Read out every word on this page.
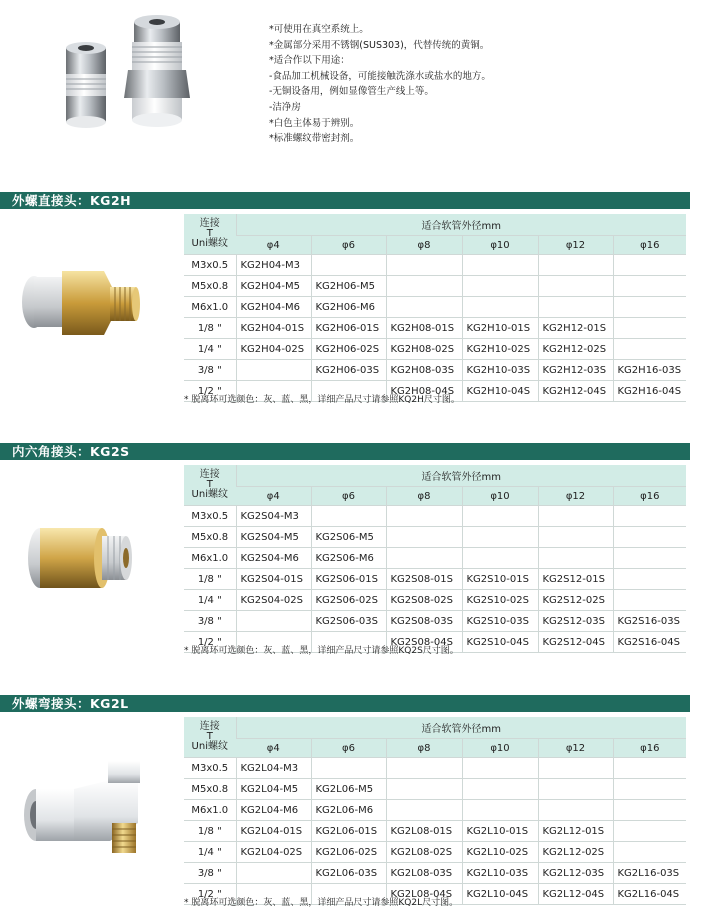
*可使用在真空系统上。
*金属部分采用不锈钢(SUS303)，代替传统的黄铜。
*适合作以下用途：
-食品加工机械设备，可能接触洗涤水或盐水的地方。
-无铜设备用，例如显像管生产线上等。
-洁净房
*白色主体易于辨别。
*标准螺纹带密封剂。
外螺直接头：KG2H
连接
T
Uni螺纹	适合软管外径mm					
	φ4	φ6	φ8	φ10	φ12	φ16
M3x0.5	KG2H04-M3					
M5x0.8	KG2H04-M5	KG2H06-M5				
M6x1.0	KG2H04-M6	KG2H06-M6				
1/8 "	KG2H04-01S	KG2H06-01S	KG2H08-01S	KG2H10-01S	KG2H12-01S	
1/4 "	KG2H04-02S	KG2H06-02S	KG2H08-02S	KG2H10-02S	KG2H12-02S	
3/8 "		KG2H06-03S	KG2H08-03S	KG2H10-03S	KG2H12-03S	KG2H16-03S
1/2 "			KG2H08-04S	KG2H10-04S	KG2H12-04S	KG2H16-04S
* 脱离环可选颜色：灰、蓝、黑，详细产品尺寸请参照KQ2H尺寸图。
内六角接头：KG2S
连接
T
Uni螺纹	适合软管外径mm					
	φ4	φ6	φ8	φ10	φ12	φ16
M3x0.5	KG2S04-M3					
M5x0.8	KG2S04-M5	KG2S06-M5				
M6x1.0	KG2S04-M6	KG2S06-M6				
1/8 "	KG2S04-01S	KG2S06-01S	KG2S08-01S	KG2S10-01S	KG2S12-01S	
1/4 "	KG2S04-02S	KG2S06-02S	KG2S08-02S	KG2S10-02S	KG2S12-02S	
3/8 "		KG2S06-03S	KG2S08-03S	KG2S10-03S	KG2S12-03S	KG2S16-03S
1/2 "			KG2S08-04S	KG2S10-04S	KG2S12-04S	KG2S16-04S
* 脱离环可选颜色：灰、蓝、黑，详细产品尺寸请参照KQ2S尺寸图。
外螺弯接头：KG2L
连接
T
Uni螺纹	适合软管外径mm					
	φ4	φ6	φ8	φ10	φ12	φ16
M3x0.5	KG2L04-M3					
M5x0.8	KG2L04-M5	KG2L06-M5				
M6x1.0	KG2L04-M6	KG2L06-M6				
1/8 "	KG2L04-01S	KG2L06-01S	KG2L08-01S	KG2L10-01S	KG2L12-01S	
1/4 "	KG2L04-02S	KG2L06-02S	KG2L08-02S	KG2L10-02S	KG2L12-02S	
3/8 "		KG2L06-03S	KG2L08-03S	KG2L10-03S	KG2L12-03S	KG2L16-03S
1/2 "			KG2L08-04S	KG2L10-04S	KG2L12-04S	KG2L16-04S
* 脱离环可选颜色：灰、蓝、黑，详细产品尺寸请参照KQ2L尺寸图。
